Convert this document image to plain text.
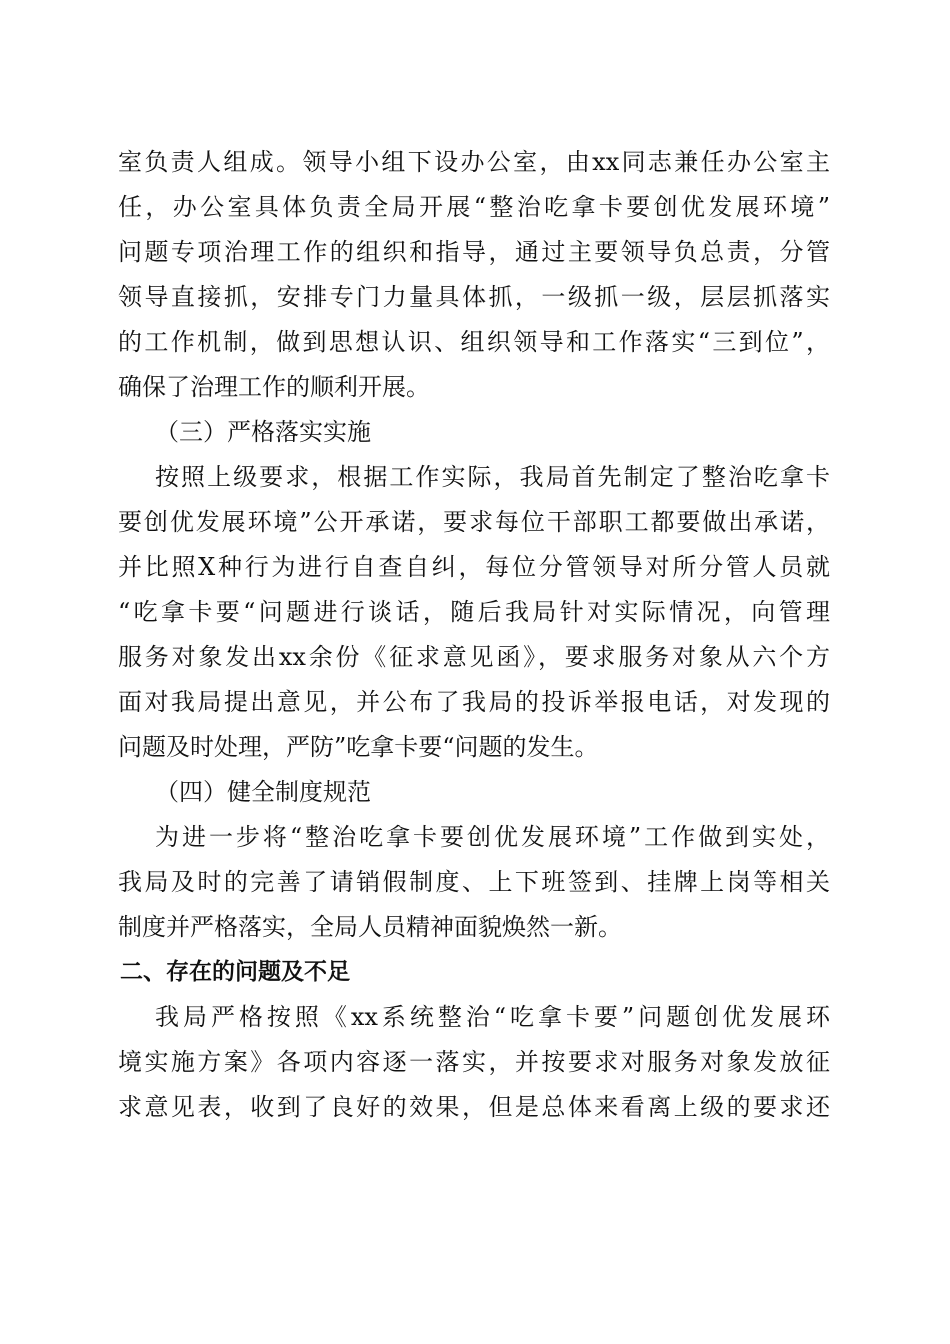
室负责人组成。领导小组下设办公室，由xx同志兼任办公室主
任，办公室具体负责全局开展“整治吃拿卡要创优发展环境”
问题专项治理工作的组织和指导，通过主要领导负总责，分管
领导直接抓，安排专门力量具体抓，一级抓一级，层层抓落实
的工作机制，做到思想认识、组织领导和工作落实“三到位”，
确保了治理工作的顺利开展。
（三）严格落实实施
按照上级要求，根据工作实际，我局首先制定了整治吃拿卡
要创优发展环境”公开承诺，要求每位干部职工都要做出承诺，
并比照X种行为进行自查自纠，每位分管领导对所分管人员就
“吃拿卡要“问题进行谈话，随后我局针对实际情况，向管理
服务对象发出xx余份《征求意见函》，要求服务对象从六个方
面对我局提出意见，并公布了我局的投诉举报电话，对发现的
问题及时处理，严防”吃拿卡要“问题的发生。
（四）健全制度规范
为进一步将“整治吃拿卡要创优发展环境”工作做到实处，
我局及时的完善了请销假制度、上下班签到、挂牌上岗等相关
制度并严格落实，全局人员精神面貌焕然一新。
二、存在的问题及不足
我局严格按照《xx系统整治“吃拿卡要”问题创优发展环
境实施方案》各项内容逐一落实，并按要求对服务对象发放征
求意见表，收到了良好的效果，但是总体来看离上级的要求还
